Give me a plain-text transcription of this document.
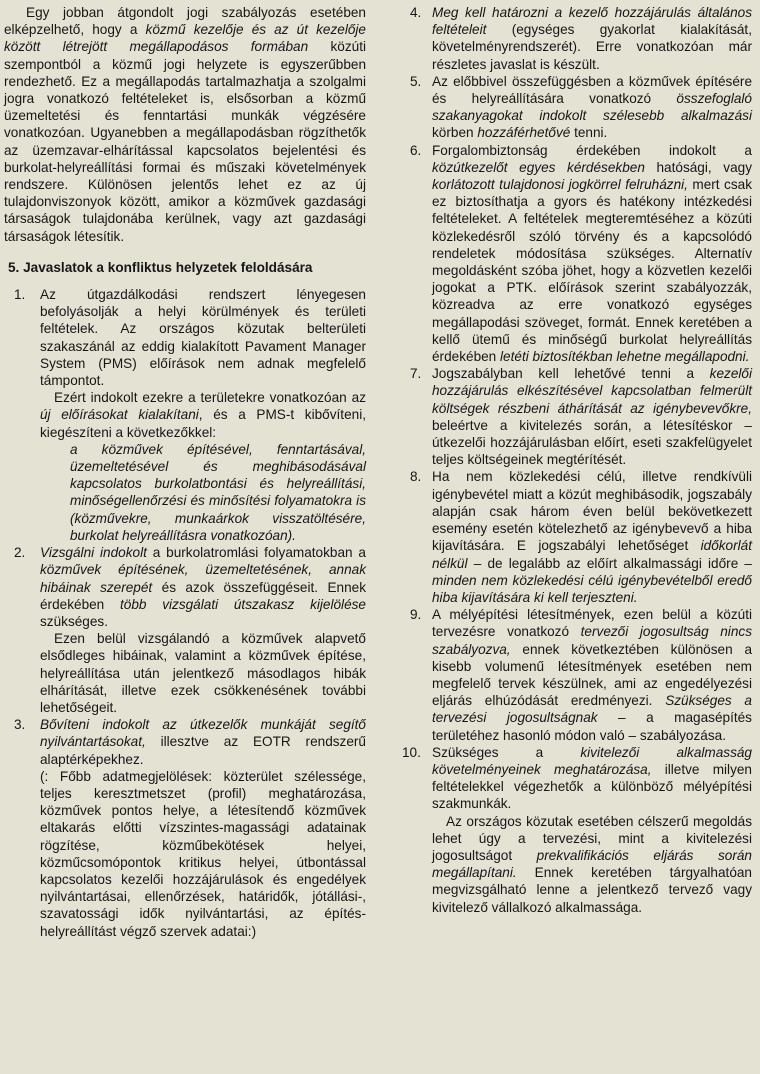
Egy jobban átgondolt jogi szabályozás esetében elképzelhető, hogy a közmű kezelője és az út kezelője között létrejött megállapodásos formában közúti szempontból a közmű jogi helyzete is egyszerűbben rendezhető. Ez a megállapodás tartalmazhatja a szolgalmi jogra vonatkozó feltételeket is, elsősorban a közmű üzemeltetési és fenntartási munkák végzésére vonatkozóan. Ugyanebben a megállapodásban rögzíthetők az üzemzavar-elhárítással kapcsolatos bejelentési és burkolat-helyreállítási formai és műszaki követelmények rendszere. Különösen jelentős lehet ez az új tulajdonviszonyok között, amikor a közművek gazdasági társaságok tulajdonába kerülnek, vagy azt gazdasági társaságok létesítik.

5. Javaslatok a konfliktus helyzetek feloldására

1. Az útgazdálkodási rendszert lényegesen befolyásolják a helyi körülmények és területi feltételek. Az országos közutak belterületi szakaszánál az eddig kialakított Pavament Manager System (PMS) előírások nem adnak megfelelő támpontot.

Ezért indokolt ezekre a területekre vonatkozóan az új előírásokat kialakítani, és a PMS-t kibővíteni, kiegészíteni a következőkkel:

a közművek építésével, fenntartásával, üzemeltetésével és meghibásodásával kapcsolatos burkolatbontási és helyreállítási, minőségellenőrzési és minősítési folyamatokra is (közművekre, munkaárkok visszatöltésére, burkolat helyreállításra vonatkozóan).

2. Vizsgálni indokolt a burkolatromlási folyamatokban a közművek építésének, üzemeltetésének, annak hibáinak szerepét és azok összefüggéseit. Ennek érdekében több vizsgálati útszakasz kijelölése szükséges.

Ezen belül vizsgálandó a közművek alapvető elsődleges hibáinak, valamint a közművek építése, helyreállítása után jelentkező másodlagos hibák elhárítását, illetve ezek csökkenésének további lehetőségeit.

3. Bővíteni indokolt az útkezelők munkáját segítő nyilvántartásokat, illesztve az EOTR rendszerű alaptérképekhez.

(: Főbb adatmegjelölések: közterület szélessége, teljes keresztmetszet (profil) meghatározása, közművek pontos helye, a létesítendő közművek eltakarás előtti vízszintes-magassági adatainak rögzítése, közműbekötések helyei, közműcsomópontok kritikus helyei, útbontással kapcsolatos kezelői hozzájárulások és engedélyek nyilvántartásai, ellenőrzések, határidők, jótállási-, szavatossági idők nyilvántartási, az építés-helyreállítást végző szervek adatai:)

4. Meg kell határozni a kezelő hozzájárulás általános feltételeit (egységes gyakorlat kialakítását, követelményrendszerét). Erre vonatkozóan már részletes javaslat is készült.

5. Az előbbivel összefüggésben a közművek építésére és helyreállítására vonatkozó összefoglaló szakanyagokat indokolt szélesebb alkalmazási körben hozzáférhetővé tenni.

6. Forgalombiztonság érdekében indokolt a közútkezelőt egyes kérdésekben hatósági, vagy korlátozott tulajdonosi jogkörrel felruházni, mert csak ez biztosíthatja a gyors és hatékony intézkedési feltételeket. A feltételek megteremtéséhez a közúti közlekedésről szóló törvény és a kapcsolódó rendeletek módosítása szükséges. Alternatív megoldásként szóba jöhet, hogy a közvetlen kezelői jogokat a PTK. előírások szerint szabályozzák, közreadva az erre vonatkozó egységes megállapodási szöveget, formát. Ennek keretében a kellő ütemű és minőségű burkolat helyreállítás érdekében letéti biztosítékban lehetne megállapodni.

7. Jogszabályban kell lehetővé tenni a kezelői hozzájárulás elkészítésével kapcsolatban felmerült költségek részbeni áthárítását az igénybevevőkre, beleértve a kivitelezés során, a létesítéskor – útkezelői hozzájárulásban előírt, eseti szakfelügyelet teljes költségeinek megtérítését.

8. Ha nem közlekedési célú, illetve rendkívüli igénybevétel miatt a közút meghibásodik, jogszabály alapján csak három éven belül bekövetkezett esemény esetén kötelezhető az igénybevevő a hiba kijavítására. E jogszabályi lehetőséget időkorlát nélkül – de legalább az előírt alkalmassági időre – minden nem közlekedési célú igénybevételből eredő hiba kijavítására ki kell terjeszteni.

9. A mélyépítési létesítmények, ezen belül a közúti tervezésre vonatkozó tervezői jogosultság nincs szabályozva, ennek következtében különösen a kisebb volumenű létesítmények esetében nem megfelelő tervek készülnek, ami az engedélyezési eljárás elhúzódását eredményezi. Szükséges a tervezési jogosultságnak – a magasépítés területéhez hasonló módon való – szabályozása.

10. Szükséges a kivitelezői alkalmasság követelményeinek meghatározása, illetve milyen feltételekkel végezhetők a különböző mélyépítési szakmunkák.

Az országos közutak esetében célszerű megoldás lehet úgy a tervezési, mint a kivitelezési jogosultságot prekvalifikációs eljárás során megállapítani. Ennek keretében tárgyalhatóan megvizsgálható lenne a jelentkező tervező vagy kivitelező vállalkozó alkalmassága.
